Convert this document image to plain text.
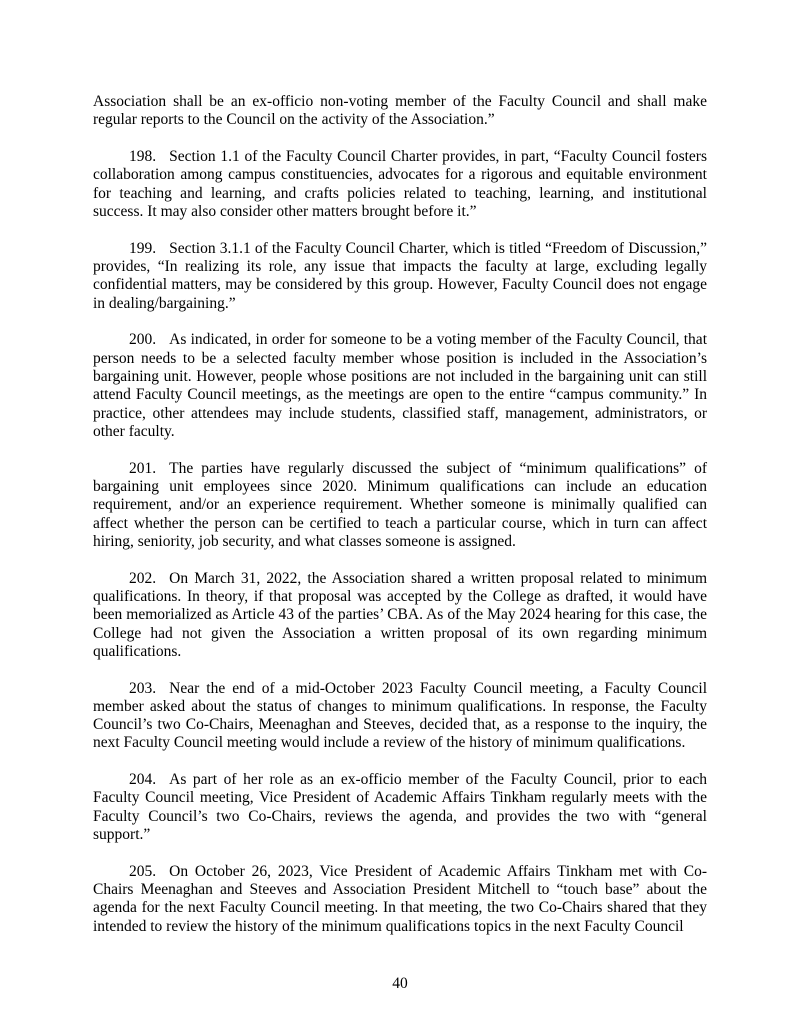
Association shall be an ex-officio non-voting member of the Faculty Council and shall make regular reports to the Council on the activity of the Association.”

198. Section 1.1 of the Faculty Council Charter provides, in part, “Faculty Council fosters collaboration among campus constituencies, advocates for a rigorous and equitable environment for teaching and learning, and crafts policies related to teaching, learning, and institutional success. It may also consider other matters brought before it.”

199. Section 3.1.1 of the Faculty Council Charter, which is titled “Freedom of Discussion,” provides, “In realizing its role, any issue that impacts the faculty at large, excluding legally confidential matters, may be considered by this group. However, Faculty Council does not engage in dealing/bargaining.”

200. As indicated, in order for someone to be a voting member of the Faculty Council, that person needs to be a selected faculty member whose position is included in the Association’s bargaining unit. However, people whose positions are not included in the bargaining unit can still attend Faculty Council meetings, as the meetings are open to the entire “campus community.” In practice, other attendees may include students, classified staff, management, administrators, or other faculty.

201. The parties have regularly discussed the subject of “minimum qualifications” of bargaining unit employees since 2020. Minimum qualifications can include an education requirement, and/or an experience requirement. Whether someone is minimally qualified can affect whether the person can be certified to teach a particular course, which in turn can affect hiring, seniority, job security, and what classes someone is assigned.

202. On March 31, 2022, the Association shared a written proposal related to minimum qualifications. In theory, if that proposal was accepted by the College as drafted, it would have been memorialized as Article 43 of the parties’ CBA. As of the May 2024 hearing for this case, the College had not given the Association a written proposal of its own regarding minimum qualifications.

203. Near the end of a mid-October 2023 Faculty Council meeting, a Faculty Council member asked about the status of changes to minimum qualifications. In response, the Faculty Council’s two Co-Chairs, Meenaghan and Steeves, decided that, as a response to the inquiry, the next Faculty Council meeting would include a review of the history of minimum qualifications.

204. As part of her role as an ex-officio member of the Faculty Council, prior to each Faculty Council meeting, Vice President of Academic Affairs Tinkham regularly meets with the Faculty Council’s two Co-Chairs, reviews the agenda, and provides the two with “general support.”

205. On October 26, 2023, Vice President of Academic Affairs Tinkham met with Co-Chairs Meenaghan and Steeves and Association President Mitchell to “touch base” about the agenda for the next Faculty Council meeting. In that meeting, the two Co-Chairs shared that they intended to review the history of the minimum qualifications topics in the next Faculty Council

40
